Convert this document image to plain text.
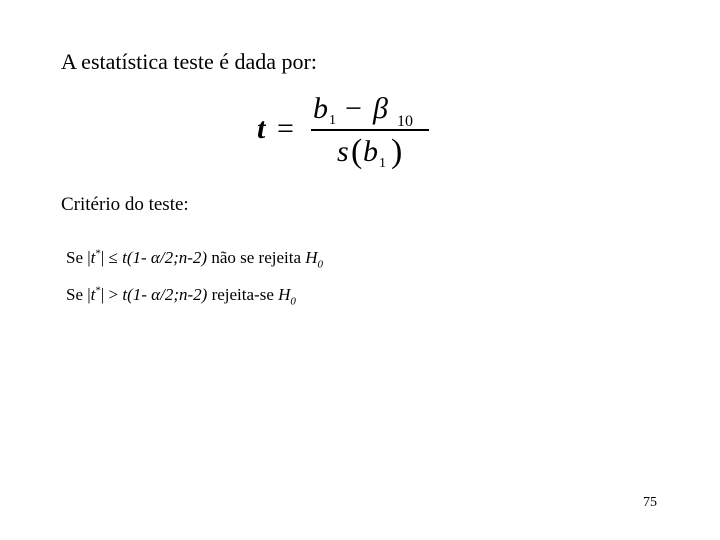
A estatística teste é dada por:
t =
b 1 − β 10
s ( b 1 )
Critério do teste:
Se |t*| ≤ t(1- α/2;n-2) não se rejeita $H_0$
Se |t*| > t(1- α/2;n-2) rejeita-se $H_0$
75
